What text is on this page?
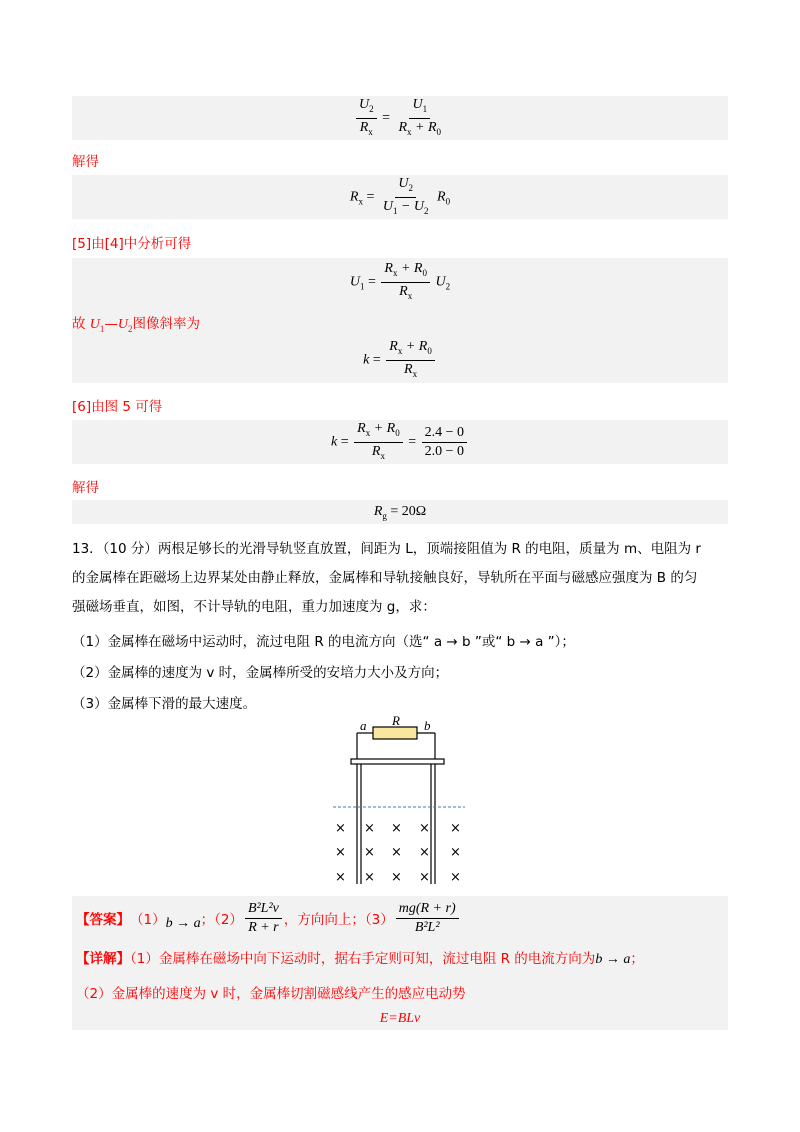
$\frac{U_2}{R_x} = \frac{U_1}{R_x + R_0}$
解得
$R_x = \frac{U_2}{U_1 - U_2} R_0$
[5]由[4]中分析可得
$U_1 = \frac{R_x + R_0}{R_x} U_2$
故 $U_1—U_2$图像斜率为
$k = \frac{R_x + R_0}{R_x}$
[6]由图 5 可得
$k = \frac{R_x + R_0}{R_x} = \frac{2.4 - 0}{2.0 - 0}$
解得
$R_g = 20\Omega$
13．（10 分）两根足够长的光滑导轨竖直放置，间距为 L，顶端接阻值为 R 的电阻，质量为 m、电阻为 r
的金属棒在距磁场上边界某处由静止释放，金属棒和导轨接触良好，导轨所在平面与磁感应强度为 B 的匀
强磁场垂直，如图，不计导轨的电阻，重力加速度为 g，求：
（1）金属棒在磁场中运动时，流过电阻 R 的电流方向（选“ a → b ”或“ b → a ”）；
（2）金属棒的速度为 v 时，金属棒所受的安培力大小及方向；
（3）金属棒下滑的最大速度。
a R b
× × × × ×
× × × × ×
× × × × ×
【答案】 （1） b → a ；$(2) \frac{\text{B²L²v}}{R + r}$ ，方向向上；$(3) \frac{mg(R + r)}{\text{B²L²}}$
【详解】（1）金属棒在磁场中向下运动时，据右手定则可知，流过电阻 R 的电流方向为b → a；
（2）金属棒的速度为 v 时，金属棒切割磁感线产生的感应电动势
E=BLv
